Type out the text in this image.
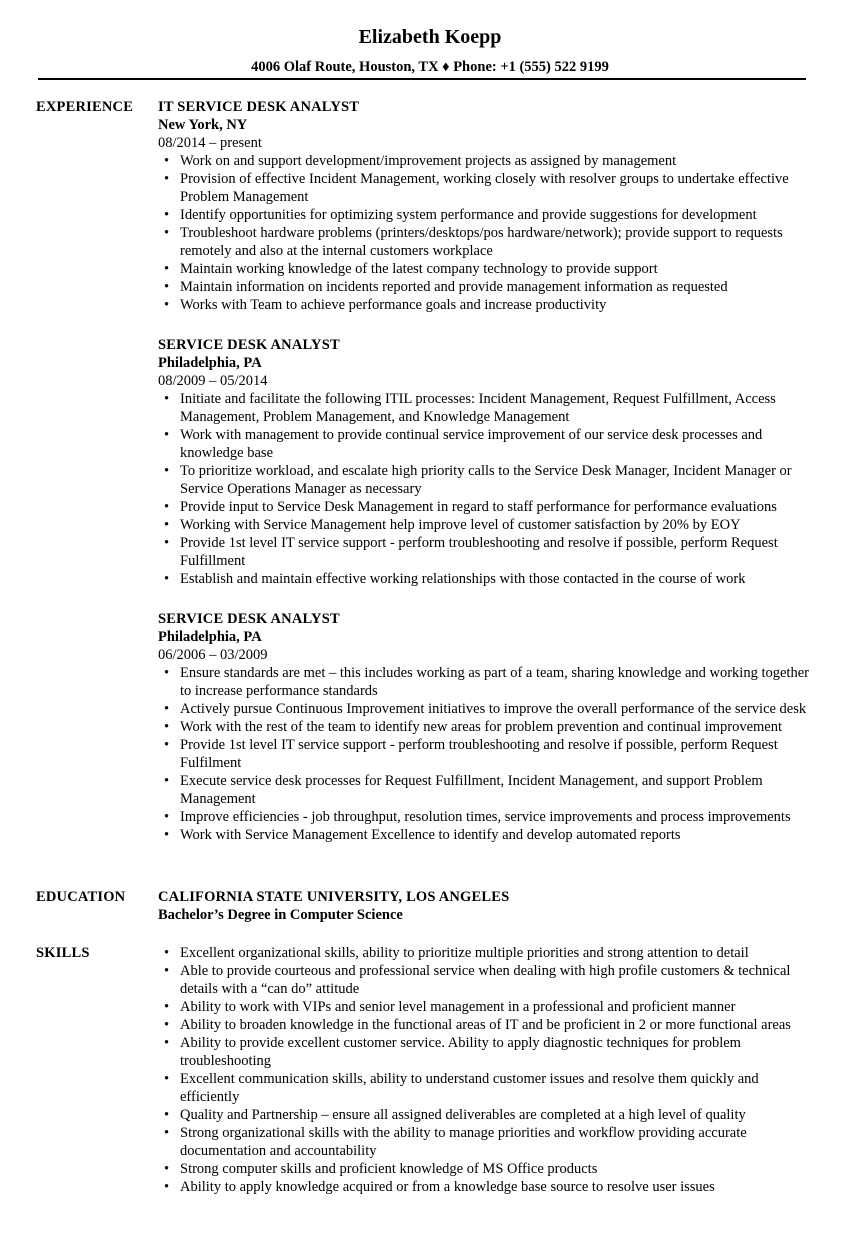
Elizabeth Koepp
4006 Olaf Route, Houston, TX ♦ Phone: +1 (555) 522 9199
EXPERIENCE IT SERVICE DESK ANALYST
New York, NY
08/2014 – present
• Work on and support development/improvement projects as assigned by management
• Provision of effective Incident Management, working closely with resolver groups to undertake effective Problem Management
• Identify opportunities for optimizing system performance and provide suggestions for development
• Troubleshoot hardware problems (printers/desktops/pos hardware/network); provide support to requests remotely and also at the internal customers workplace
• Maintain working knowledge of the latest company technology to provide support
• Maintain information on incidents reported and provide management information as requested
• Works with Team to achieve performance goals and increase productivity
SERVICE DESK ANALYST
Philadelphia, PA
08/2009 – 05/2014
• Initiate and facilitate the following ITIL processes: Incident Management, Request Fulfillment, Access Management, Problem Management, and Knowledge Management
• Work with management to provide continual service improvement of our service desk processes and knowledge base
• To prioritize workload, and escalate high priority calls to the Service Desk Manager, Incident Manager or Service Operations Manager as necessary
• Provide input to Service Desk Management in regard to staff performance for performance evaluations
• Working with Service Management help improve level of customer satisfaction by 20% by EOY
• Provide 1st level IT service support - perform troubleshooting and resolve if possible, perform Request Fulfillment
• Establish and maintain effective working relationships with those contacted in the course of work
SERVICE DESK ANALYST
Philadelphia, PA
06/2006 – 03/2009
• Ensure standards are met – this includes working as part of a team, sharing knowledge and working together to increase performance standards
• Actively pursue Continuous Improvement initiatives to improve the overall performance of the service desk
• Work with the rest of the team to identify new areas for problem prevention and continual improvement
• Provide 1st level IT service support - perform troubleshooting and resolve if possible, perform Request Fulfilment
• Execute service desk processes for Request Fulfillment, Incident Management, and support Problem Management
• Improve efficiencies - job throughput, resolution times, service improvements and process improvements
• Work with Service Management Excellence to identify and develop automated reports
EDUCATION CALIFORNIA STATE UNIVERSITY, LOS ANGELES
Bachelor’s Degree in Computer Science
SKILLS
•	Excellent organizational skills, ability to prioritize multiple priorities and strong attention to detail
• Able to provide courteous and professional service when dealing with high profile customers & technical details with a “can do” attitude
• Ability to work with VIPs and senior level management in a professional and proficient manner
• Ability to broaden knowledge in the functional areas of IT and be proficient in 2 or more functional areas
• Ability to provide excellent customer service. Ability to apply diagnostic techniques for problem troubleshooting
• Excellent communication skills, ability to understand customer issues and resolve them quickly and efficiently
• Quality and Partnership – ensure all assigned deliverables are completed at a high level of quality
• Strong organizational skills with the ability to manage priorities and workflow providing accurate documentation and accountability
• Strong computer skills and proficient knowledge of MS Office products
• Ability to apply knowledge acquired or from a knowledge base source to resolve user issues
